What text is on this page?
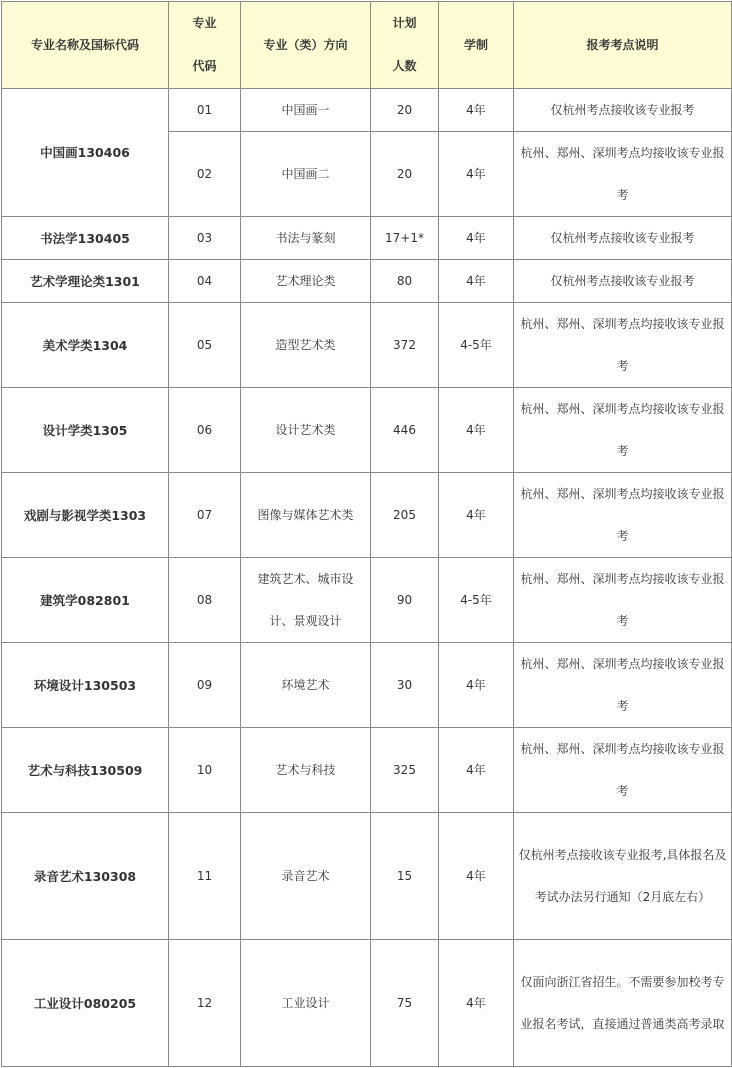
专业名称及国标代码	专业代码	专业（类）方向	计划人数	学制	报考考点说明
中国画130406	01	中国画一	20	4年	仅杭州考点接收该专业报考
	02	中国画二	20	4年	杭州、郑州、深圳考点均接收该专业报考
书法学130405	03	书法与篆刻	17+1*	4年	仅杭州考点接收该专业报考
艺术学理论类1301	04	艺术理论类	80	4年	仅杭州考点接收该专业报考
美术学类1304	05	造型艺术类	372	4-5年	杭州、郑州、深圳考点均接收该专业报考
设计学类1305	06	设计艺术类	446	4年	杭州、郑州、深圳考点均接收该专业报考
戏剧与影视学类1303	07	图像与媒体艺术类	205	4年	杭州、郑州、深圳考点均接收该专业报考
建筑学082801	08	建筑艺术、城市设计、景观设计	90	4-5年	杭州、郑州、深圳考点均接收该专业报考
环境设计130503	09	环境艺术	30	4年	杭州、郑州、深圳考点均接收该专业报考
艺术与科技130509	10	艺术与科技	325	4年	杭州、郑州、深圳考点均接收该专业报考
录音艺术130308	11	录音艺术	15	4年	仅杭州考点接收该专业报考,具体报名及考试办法另行通知（2月底左右）
工业设计080205	12	工业设计	75	4年	仅面向浙江省招生。不需要参加校考专业报名考试，直接通过普通类高考录取
